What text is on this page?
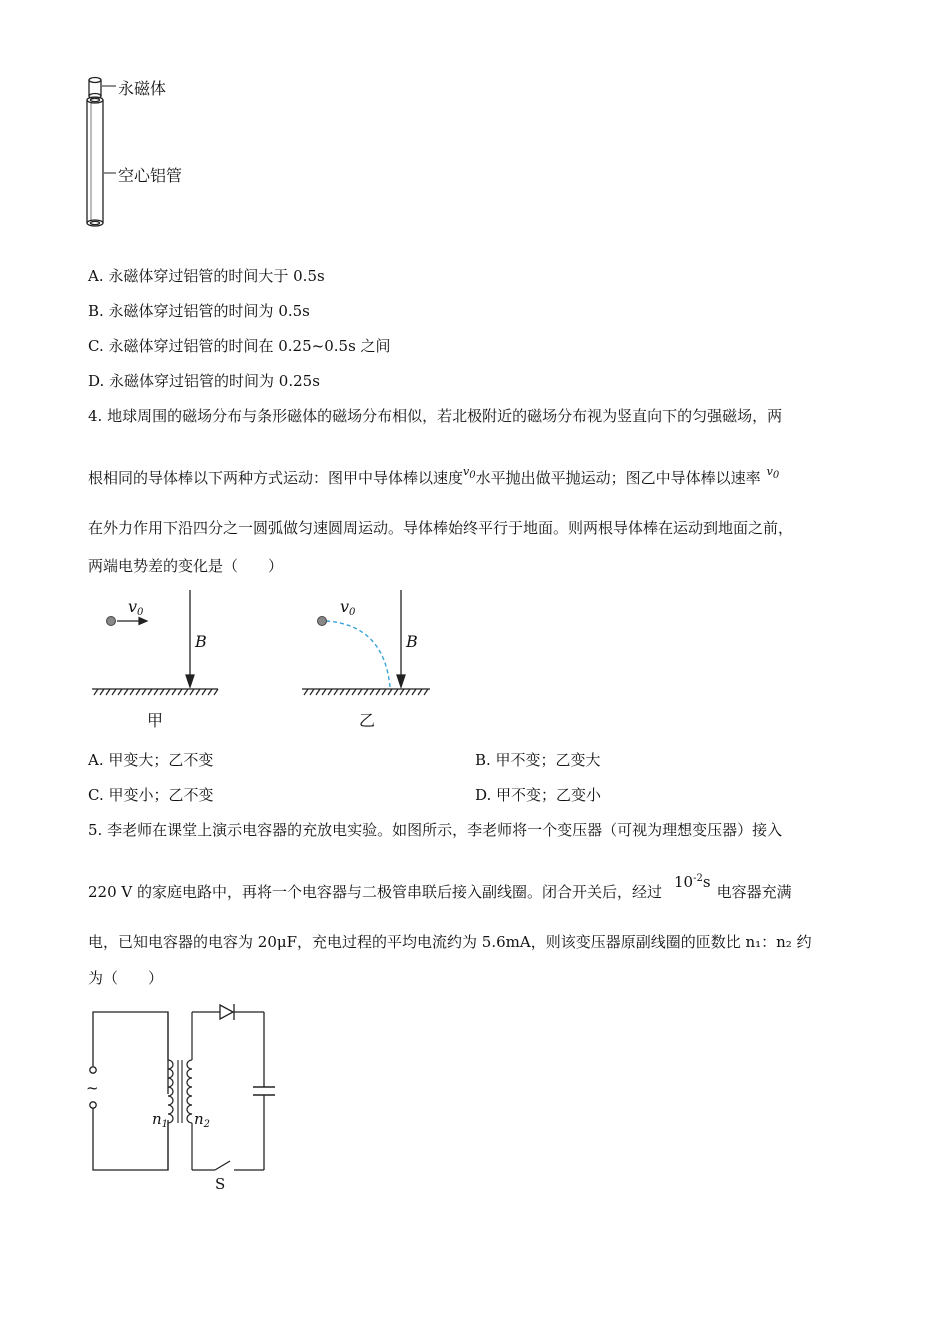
永磁体
空心铝管
A. 永磁体穿过铝管的时间大于 0.5s
B. 永磁体穿过铝管的时间为 0.5s
C. 永磁体穿过铝管的时间在 0.25~0.5s 之间
D. 永磁体穿过铝管的时间为 0.25s
4. 地球周围的磁场分布与条形磁体的磁场分布相似，若北极附近的磁场分布视为竖直向下的匀强磁场，两
根相同的导体棒以下两种方式运动：图甲中导体棒以速度$^{v0}$水平抛出做平抛运动；图乙中导体棒以速率 $^{v0}$
在外力作用下沿四分之一圆弧做匀速圆周运动。导体棒始终平行于地面。则两根导体棒在运动到地面之前，
两端电势差的变化是（　　）
v0
B
甲
v0
B
乙
A. 甲变大；乙不变	B. 甲不变；乙变大
C. 甲变小；乙不变	D. 甲不变；乙变小
5. 李老师在课堂上演示电容器的充放电实验。如图所示，李老师将一个变压器（可视为理想变压器）接入
220 V 的家庭电路中，再将一个电容器与二极管串联后接入副线圈。闭合开关后，经过$10^{-2}s$电容器充满
电，已知电容器的电容为 20μF，充电过程的平均电流约为 5.6mA，则该变压器原副线圈的匝数比 n₁：n₂ 约
为（　　）
~
$n_1$ $n_2$
S
